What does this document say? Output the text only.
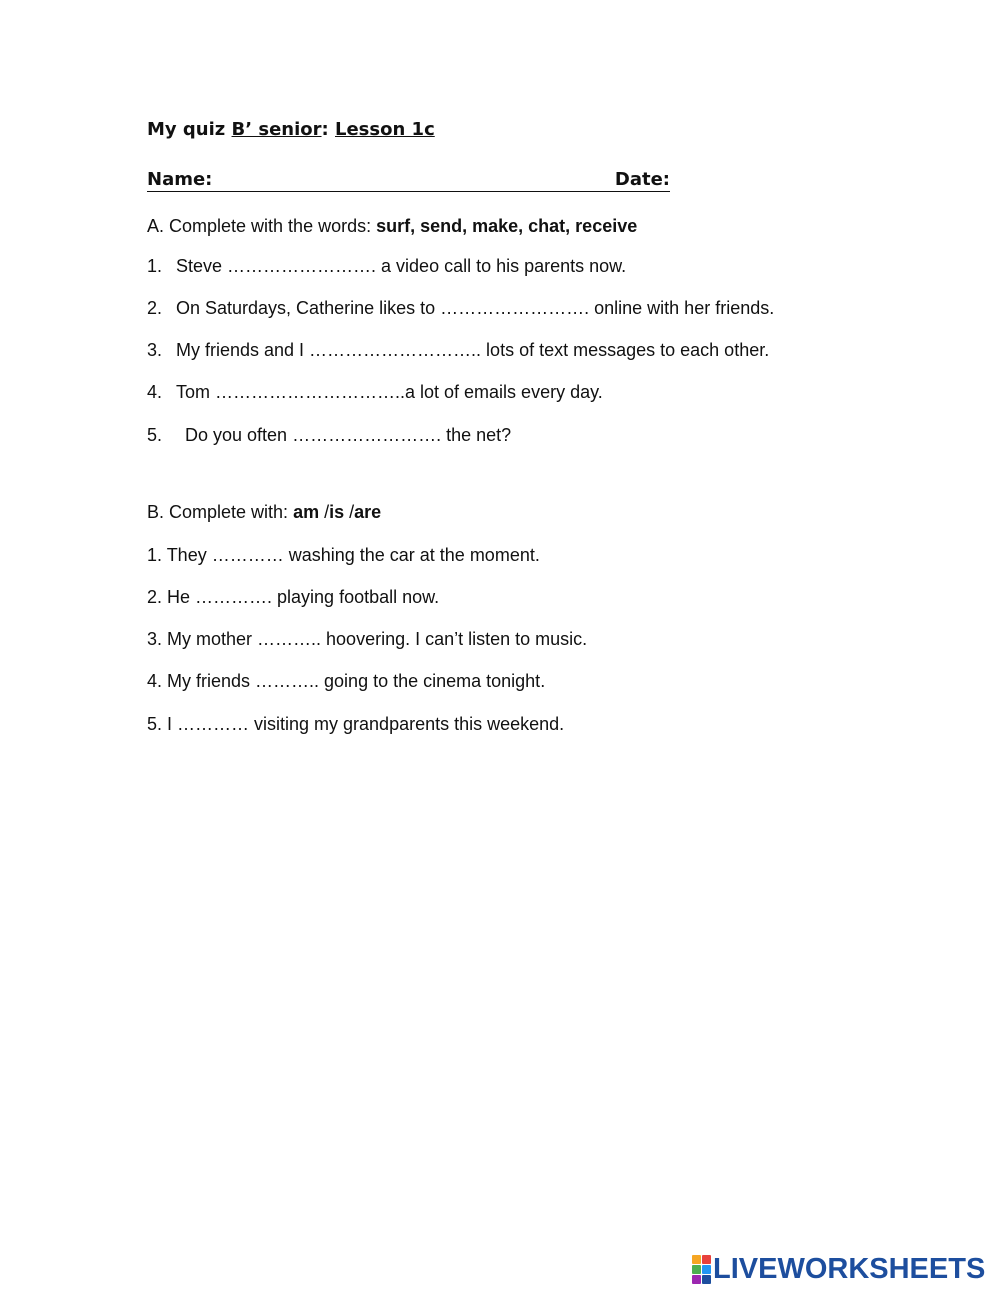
My quiz B’ senior: Lesson 1c
Name:	Date:
A. Complete with the words: surf, send, make, chat, receive
1. Steve ……………………. a video call to his parents now.
2. On Saturdays, Catherine likes to ……………………. online with her friends.
3. My friends and I ……………………….. lots of text messages to each other.
4. Tom …………………………..a lot of emails every day.
5. Do you often ……………………. the net?
B. Complete with: am /is /are
1. They ………… washing the car at the moment.
2. He …………. playing football now.
3. My mother ……….. hoovering. I can’t listen to music.
4. My friends ……….. going to the cinema tonight.
5. I ………… visiting my grandparents this weekend.
LIVEWORKSHEETS
